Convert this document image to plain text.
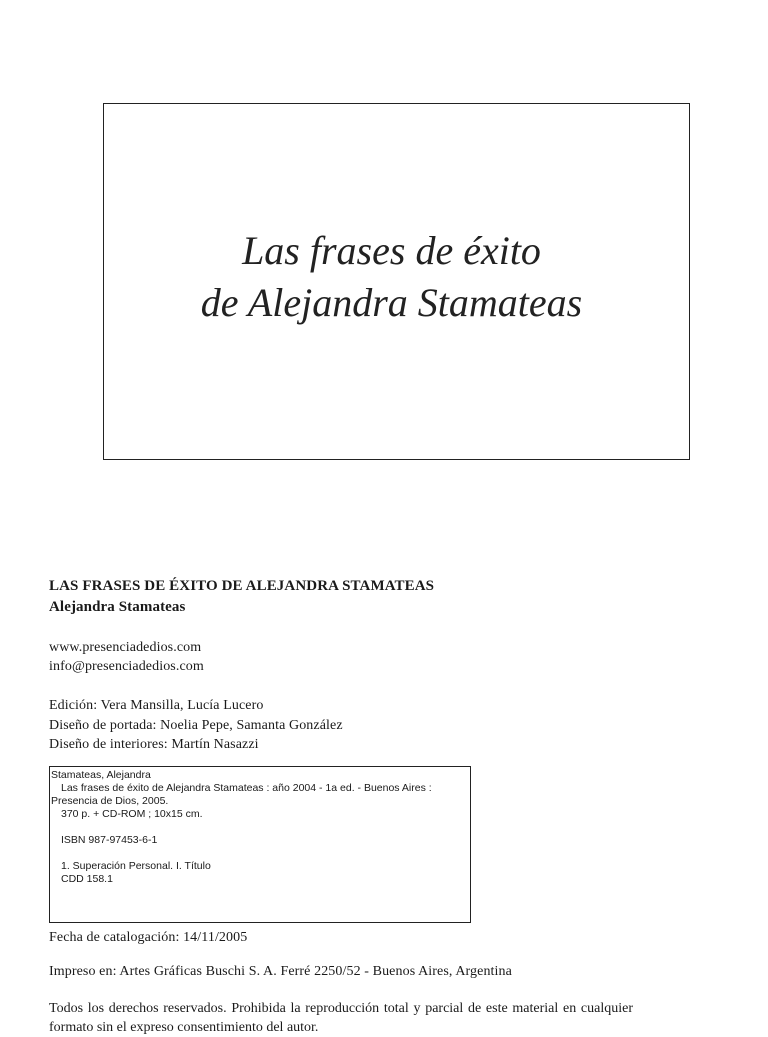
Las frases de éxito
de Alejandra Stamateas
LAS FRASES DE ÉXITO DE ALEJANDRA STAMATEAS
Alejandra Stamateas
www.presenciadedios.com
info@presenciadedios.com
Edición: Vera Mansilla, Lucía Lucero
Diseño de portada: Noelia Pepe, Samanta González
Diseño de interiores: Martín Nasazzi
Stamateas, Alejandra
Las frases de éxito de Alejandra Stamateas : año 2004 - 1a ed. - Buenos Aires :
Presencia de Dios, 2005.
370 p. + CD-ROM ; 10x15 cm.
ISBN 987-97453-6-1
1. Superación Personal. I. Título
CDD 158.1
Fecha de catalogación: 14/11/2005
Impreso en: Artes Gráficas Buschi S. A. Ferré 2250/52 - Buenos Aires, Argentina
Todos los derechos reservados. Prohibida la reproducción total y parcial de este material en cualquier formato sin el expreso consentimiento del autor.
